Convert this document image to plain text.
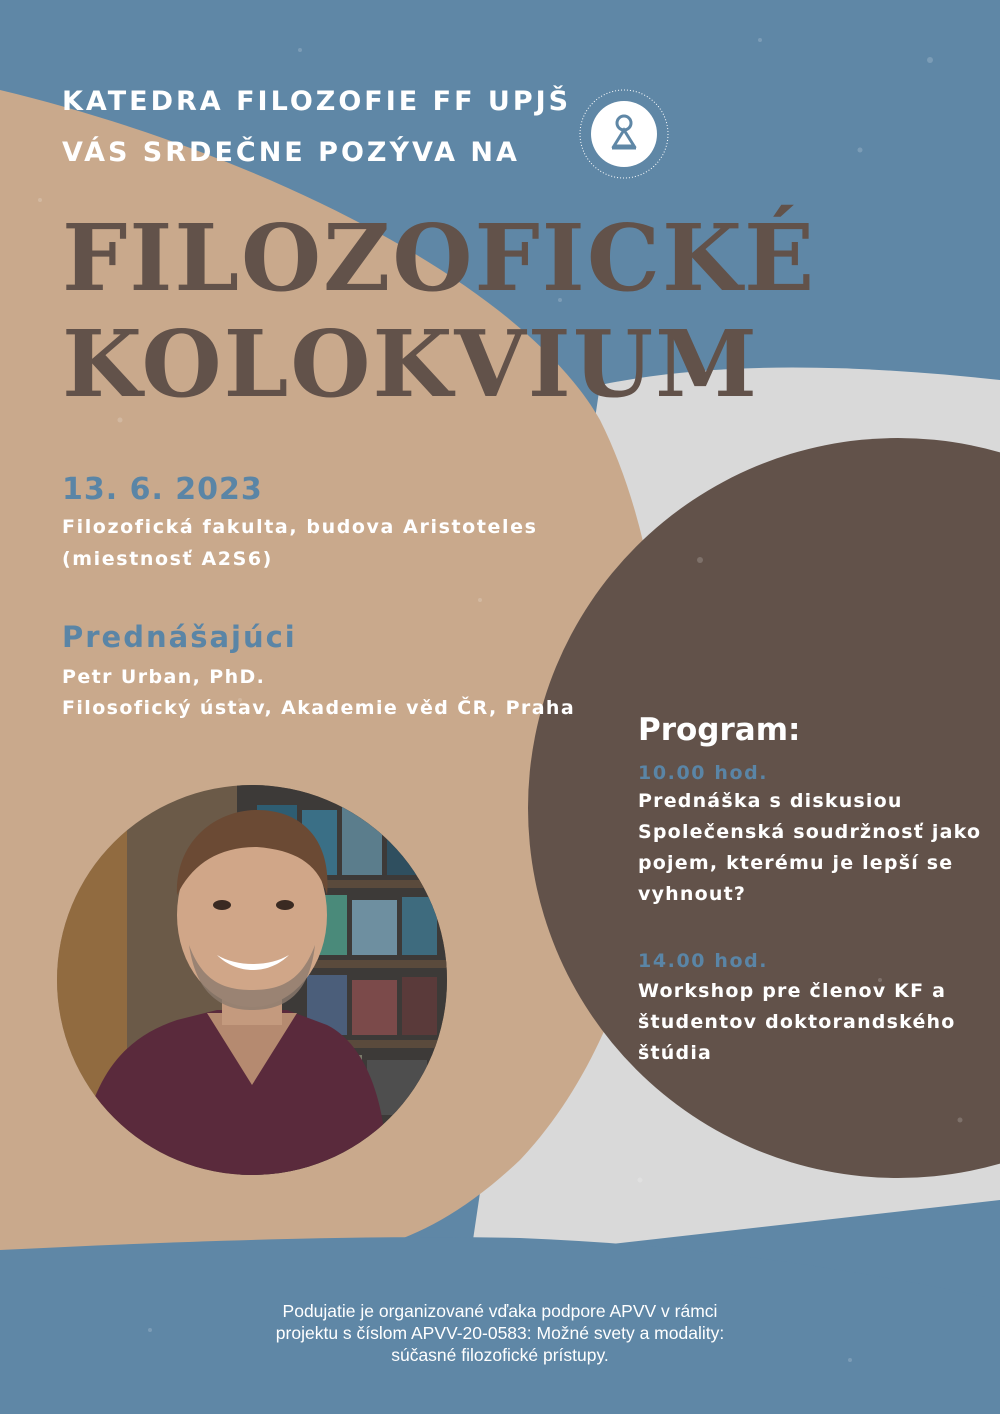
KATEDRA FILOZOFIE FF UPJŠ
VÁS SRDEČNE POZÝVA NA
FILOZOFICKÉ
KOLOKVIUM
13. 6. 2023
Filozofická fakulta, budova Aristoteles
(miestnosť A2S6)
Prednášajúci
Petr Urban, PhD.
Filosofický ústav, Akademie věd ČR, Praha
Program:
10.00 hod.
Prednáška s diskusiou Společenská soudržnosť jako pojem, kterému je lepší se vyhnout?
14.00 hod.
Workshop pre členov KF a študentov doktorandského štúdia
Podujatie je organizované vďaka podpore APVV v rámci
projektu s číslom APVV-20-0583: Možné svety a modality:
súčasné filozofické prístupy.
